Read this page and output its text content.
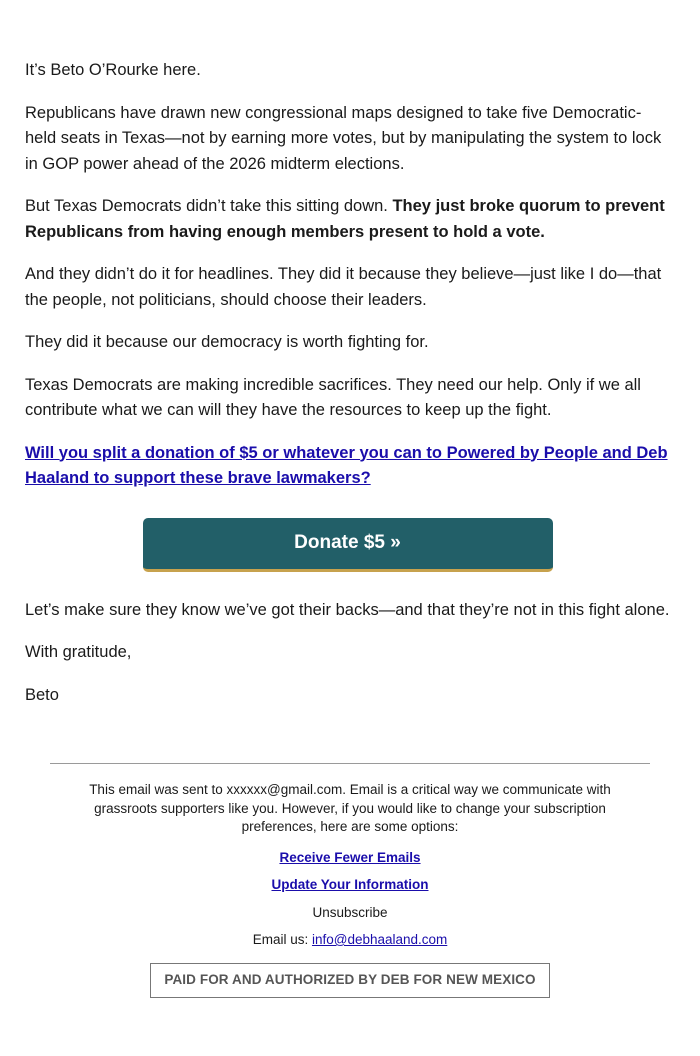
It’s Beto O’Rourke here.

Republicans have drawn new congressional maps designed to take five Democratic-held seats in Texas—not by earning more votes, but by manipulating the system to lock in GOP power ahead of the 2026 midterm elections.

But Texas Democrats didn’t take this sitting down. They just broke quorum to prevent Republicans from having enough members present to hold a vote.

And they didn’t do it for headlines. They did it because they believe—just like I do—that the people, not politicians, should choose their leaders.

They did it because our democracy is worth fighting for.

Texas Democrats are making incredible sacrifices. They need our help. Only if we all contribute what we can will they have the resources to keep up the fight.

Will you split a donation of $5 or whatever you can to Powered by People and Deb Haaland to support these brave lawmakers?
Donate $5 »

Let’s make sure they know we’ve got their backs—and that they’re not in this fight alone.

With gratitude,

Beto

This email was sent to xxxxxx@gmail.com. Email is a critical way we communicate with grassroots supporters like you. However, if you would like to change your subscription preferences, here are some options:

Receive Fewer Emails
Update Your Information
Unsubscribe

Email us: info@debhaaland.com

PAID FOR AND AUTHORIZED BY DEB FOR NEW MEXICO
